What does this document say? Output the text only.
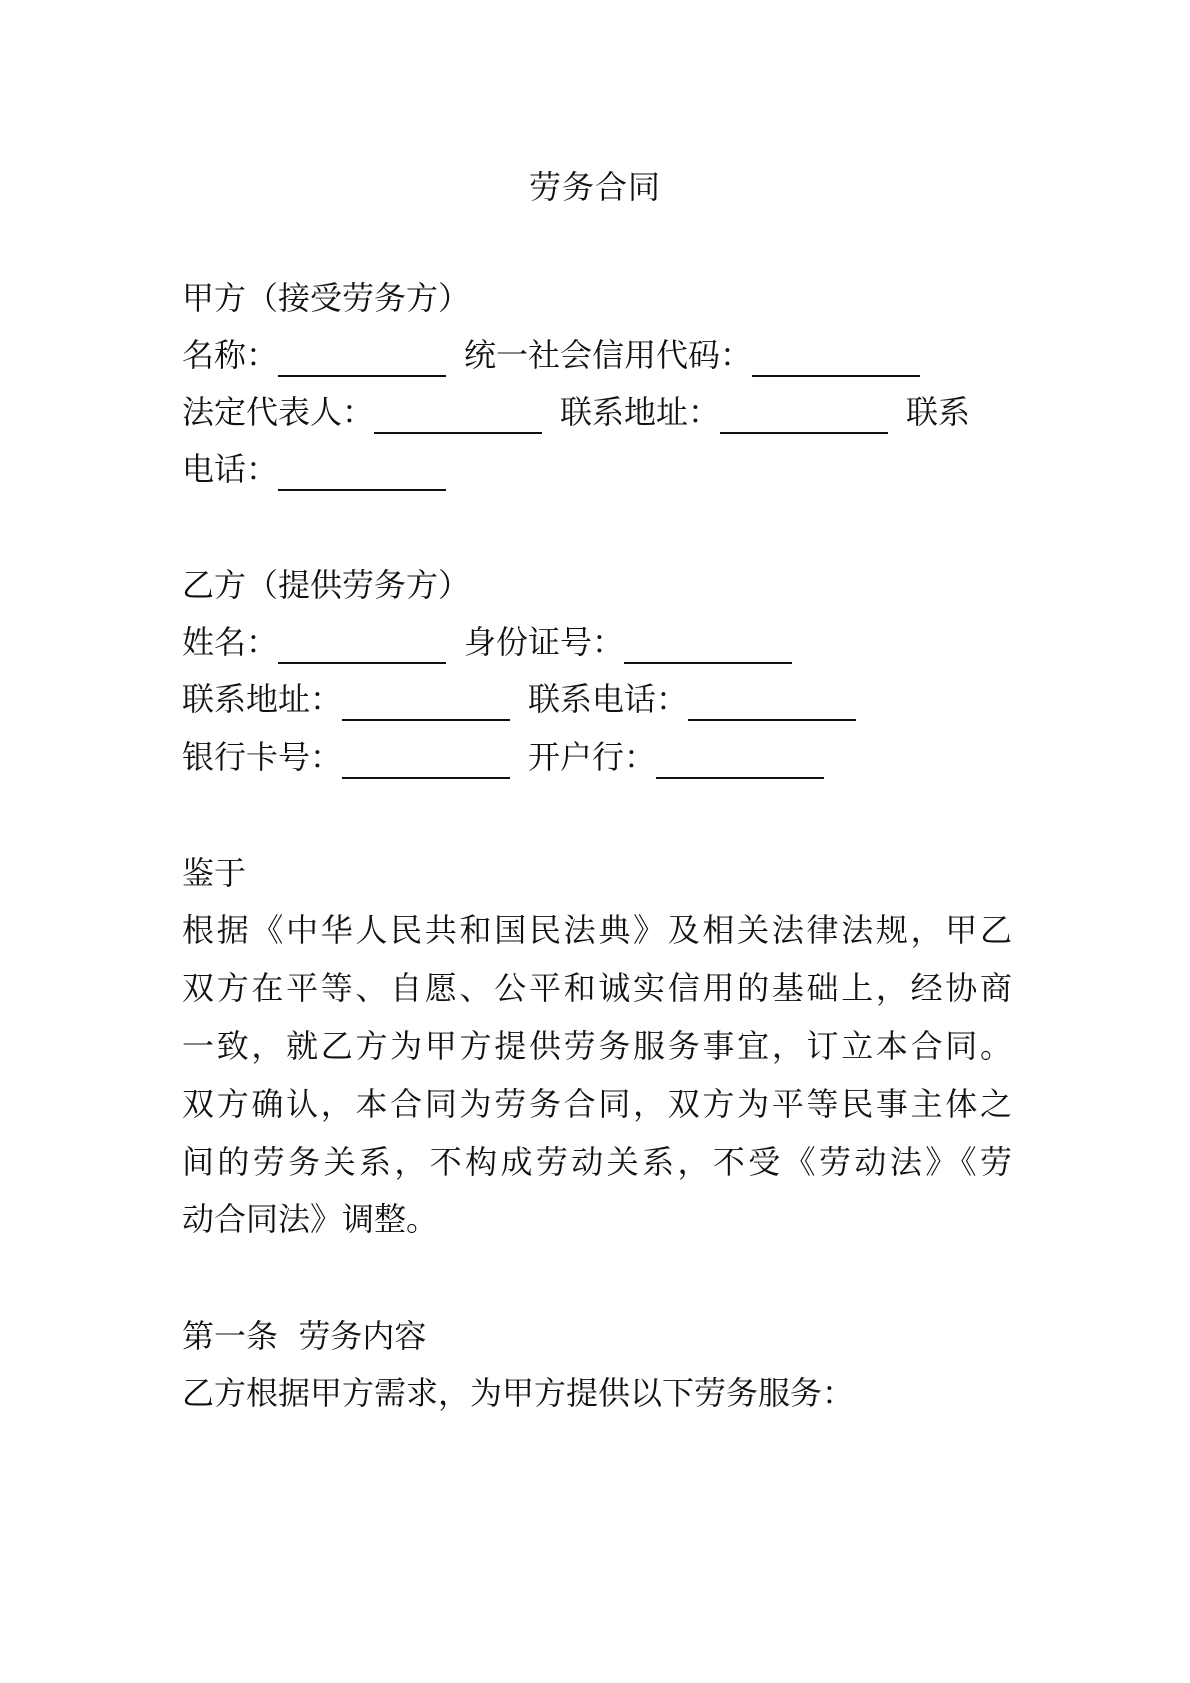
劳务合同
甲方（接受劳务方）
名称：	统一社会信用代码：
法定代表人：	联系地址：	联系
电话：
乙方（提供劳务方）
姓名：	身份证号：
联系地址：	联系电话：
银行卡号：	开户行：
鉴于
根据《中华人民共和国民法典》及相关法律法规，甲乙
双方在平等、自愿、公平和诚实信用的基础上，经协商
一致，就乙方为甲方提供劳务服务事宜，订立本合同。
双方确认，本合同为劳务合同，双方为平等民事主体之
间的劳务关系，不构成劳动关系，不受《劳动法》《劳
动合同法》调整。
第一条  劳务内容
乙方根据甲方需求，为甲方提供以下劳务服务：
